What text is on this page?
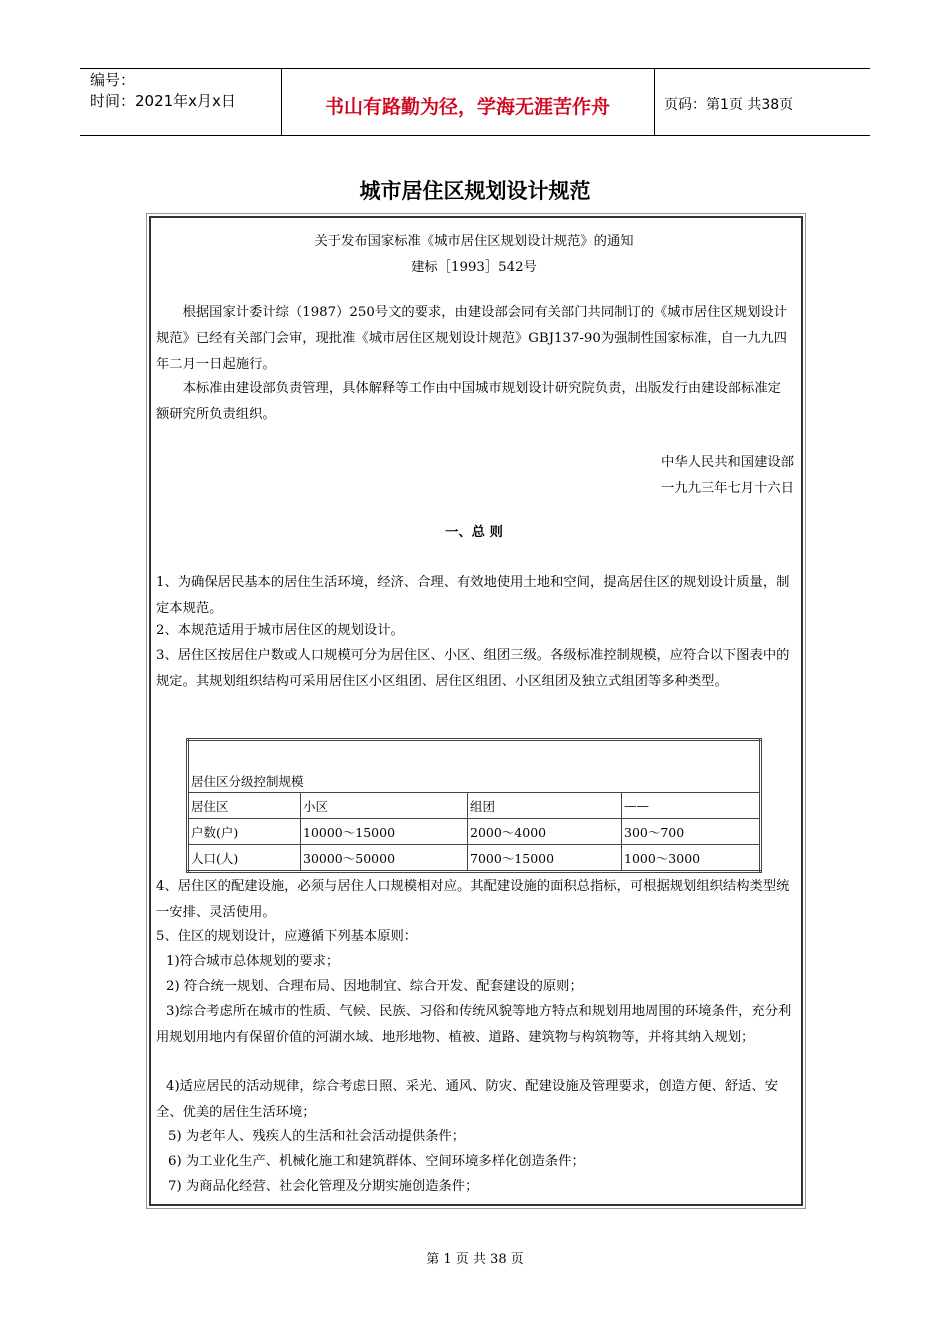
编号：
时间：2021年x月x日	书山有路勤为径，学海无涯苦作舟	页码：第1页 共38页
城市居住区规划设计规范
关于发布国家标准《城市居住区规划设计规范》的通知
建标［1993］542号
根据国家计委计综（1987）250号文的要求，由建设部会同有关部门共同制订的《城市居住区规划设计规范》已经有关部门会审，现批准《城市居住区规划设计规范》GBJ137-90为强制性国家标准，自一九九四年二月一日起施行。
本标准由建设部负责管理，具体解释等工作由中国城市规划设计研究院负责，出版发行由建设部标准定额研究所负责组织。
中华人民共和国建设部
一九九三年七月十六日
一、总 则
1、为确保居民基本的居住生活环境，经济、合理、有效地使用土地和空间，提高居住区的规划设计质量，制定本规范。
2、本规范适用于城市居住区的规划设计。
3、居住区按居住户数或人口规模可分为居住区、小区、组团三级。各级标准控制规模，应符合以下图表中的规定。其规划组织结构可采用居住区小区组团、居住区组团、小区组团及独立式组团等多种类型。
居住区分级控制规模			
居住区	小区	组团	——
户数(户)	10000～15000	2000～4000	300～700
人口(人)	30000～50000	7000～15000	1000～3000
4、居住区的配建设施，必须与居住人口规模相对应。其配建设施的面积总指标，可根据规划组织结构类型统一安排、灵活使用。
5、住区的规划设计，应遵循下列基本原则：
1)符合城市总体规划的要求；
2) 符合统一规划、合理布局、因地制宜、综合开发、配套建设的原则；
3)综合考虑所在城市的性质、气候、民族、习俗和传统风貌等地方特点和规划用地周围的环境条件，充分利用规划用地内有保留价值的河湖水域、地形地物、植被、道路、建筑物与构筑物等，并将其纳入规划；
4)适应居民的活动规律，综合考虑日照、采光、通风、防灾、配建设施及管理要求，创造方便、舒适、安全、优美的居住生活环境；
5) 为老年人、残疾人的生活和社会活动提供条件；
6) 为工业化生产、机械化施工和建筑群体、空间环境多样化创造条件；
7) 为商品化经营、社会化管理及分期实施创造条件；
第 1 页 共 38 页
